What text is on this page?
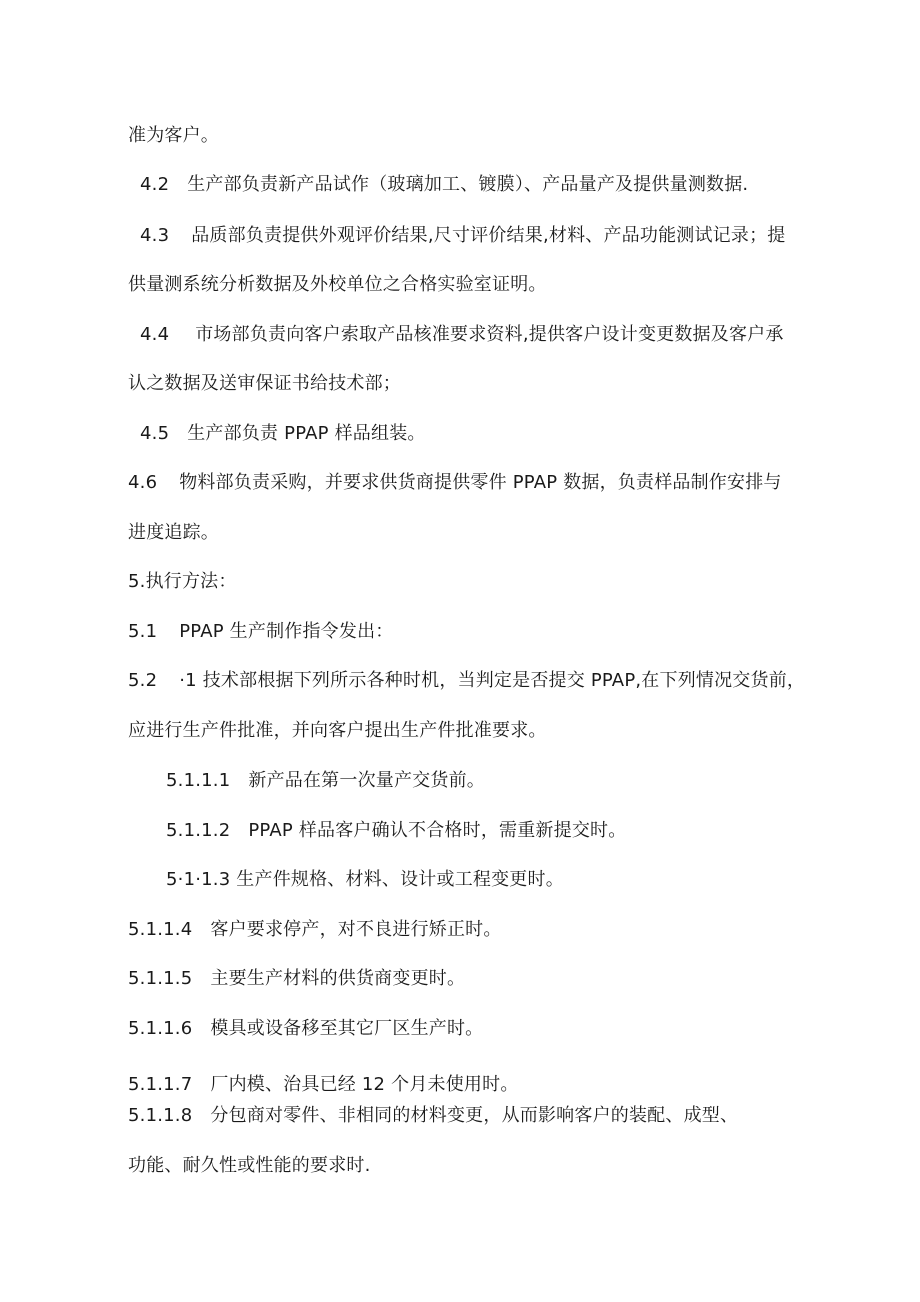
准为客户。
4.2 生产部负责新产品试作（玻璃加工、镀膜）、产品量产及提供量测数据.
4.3 品质部负责提供外观评价结果,尺寸评价结果,材料、产品功能测试记录；提
供量测系统分析数据及外校单位之合格实验室证明。
4.4 市场部负责向客户索取产品核准要求资料,提供客户设计变更数据及客户承
认之数据及送审保证书给技术部；
4.5 生产部负责 PPAP 样品组装。
4.6 物料部负责采购，并要求供货商提供零件 PPAP 数据，负责样品制作安排与
进度追踪。
5.执行方法：
5.1 PPAP 生产制作指令发出：
5.2 ·1 技术部根据下列所示各种时机，当判定是否提交 PPAP,在下列情况交货前，
应进行生产件批准，并向客户提出生产件批准要求。
5.1.1.1 新产品在第一次量产交货前。
5.1.1.2 PPAP 样品客户确认不合格时，需重新提交时。
5·1·1.3 生产件规格、材料、设计或工程变更时。
5.1.1.4 客户要求停产，对不良进行矫正时。
5.1.1.5 主要生产材料的供货商变更时。
5.1.1.6 模具或设备移至其它厂区生产时。
5.1.1.7 厂内模、治具已经 12 个月未使用时。
5.1.1.8 分包商对零件、非相同的材料变更，从而影响客户的装配、成型、
功能、耐久性或性能的要求时.
